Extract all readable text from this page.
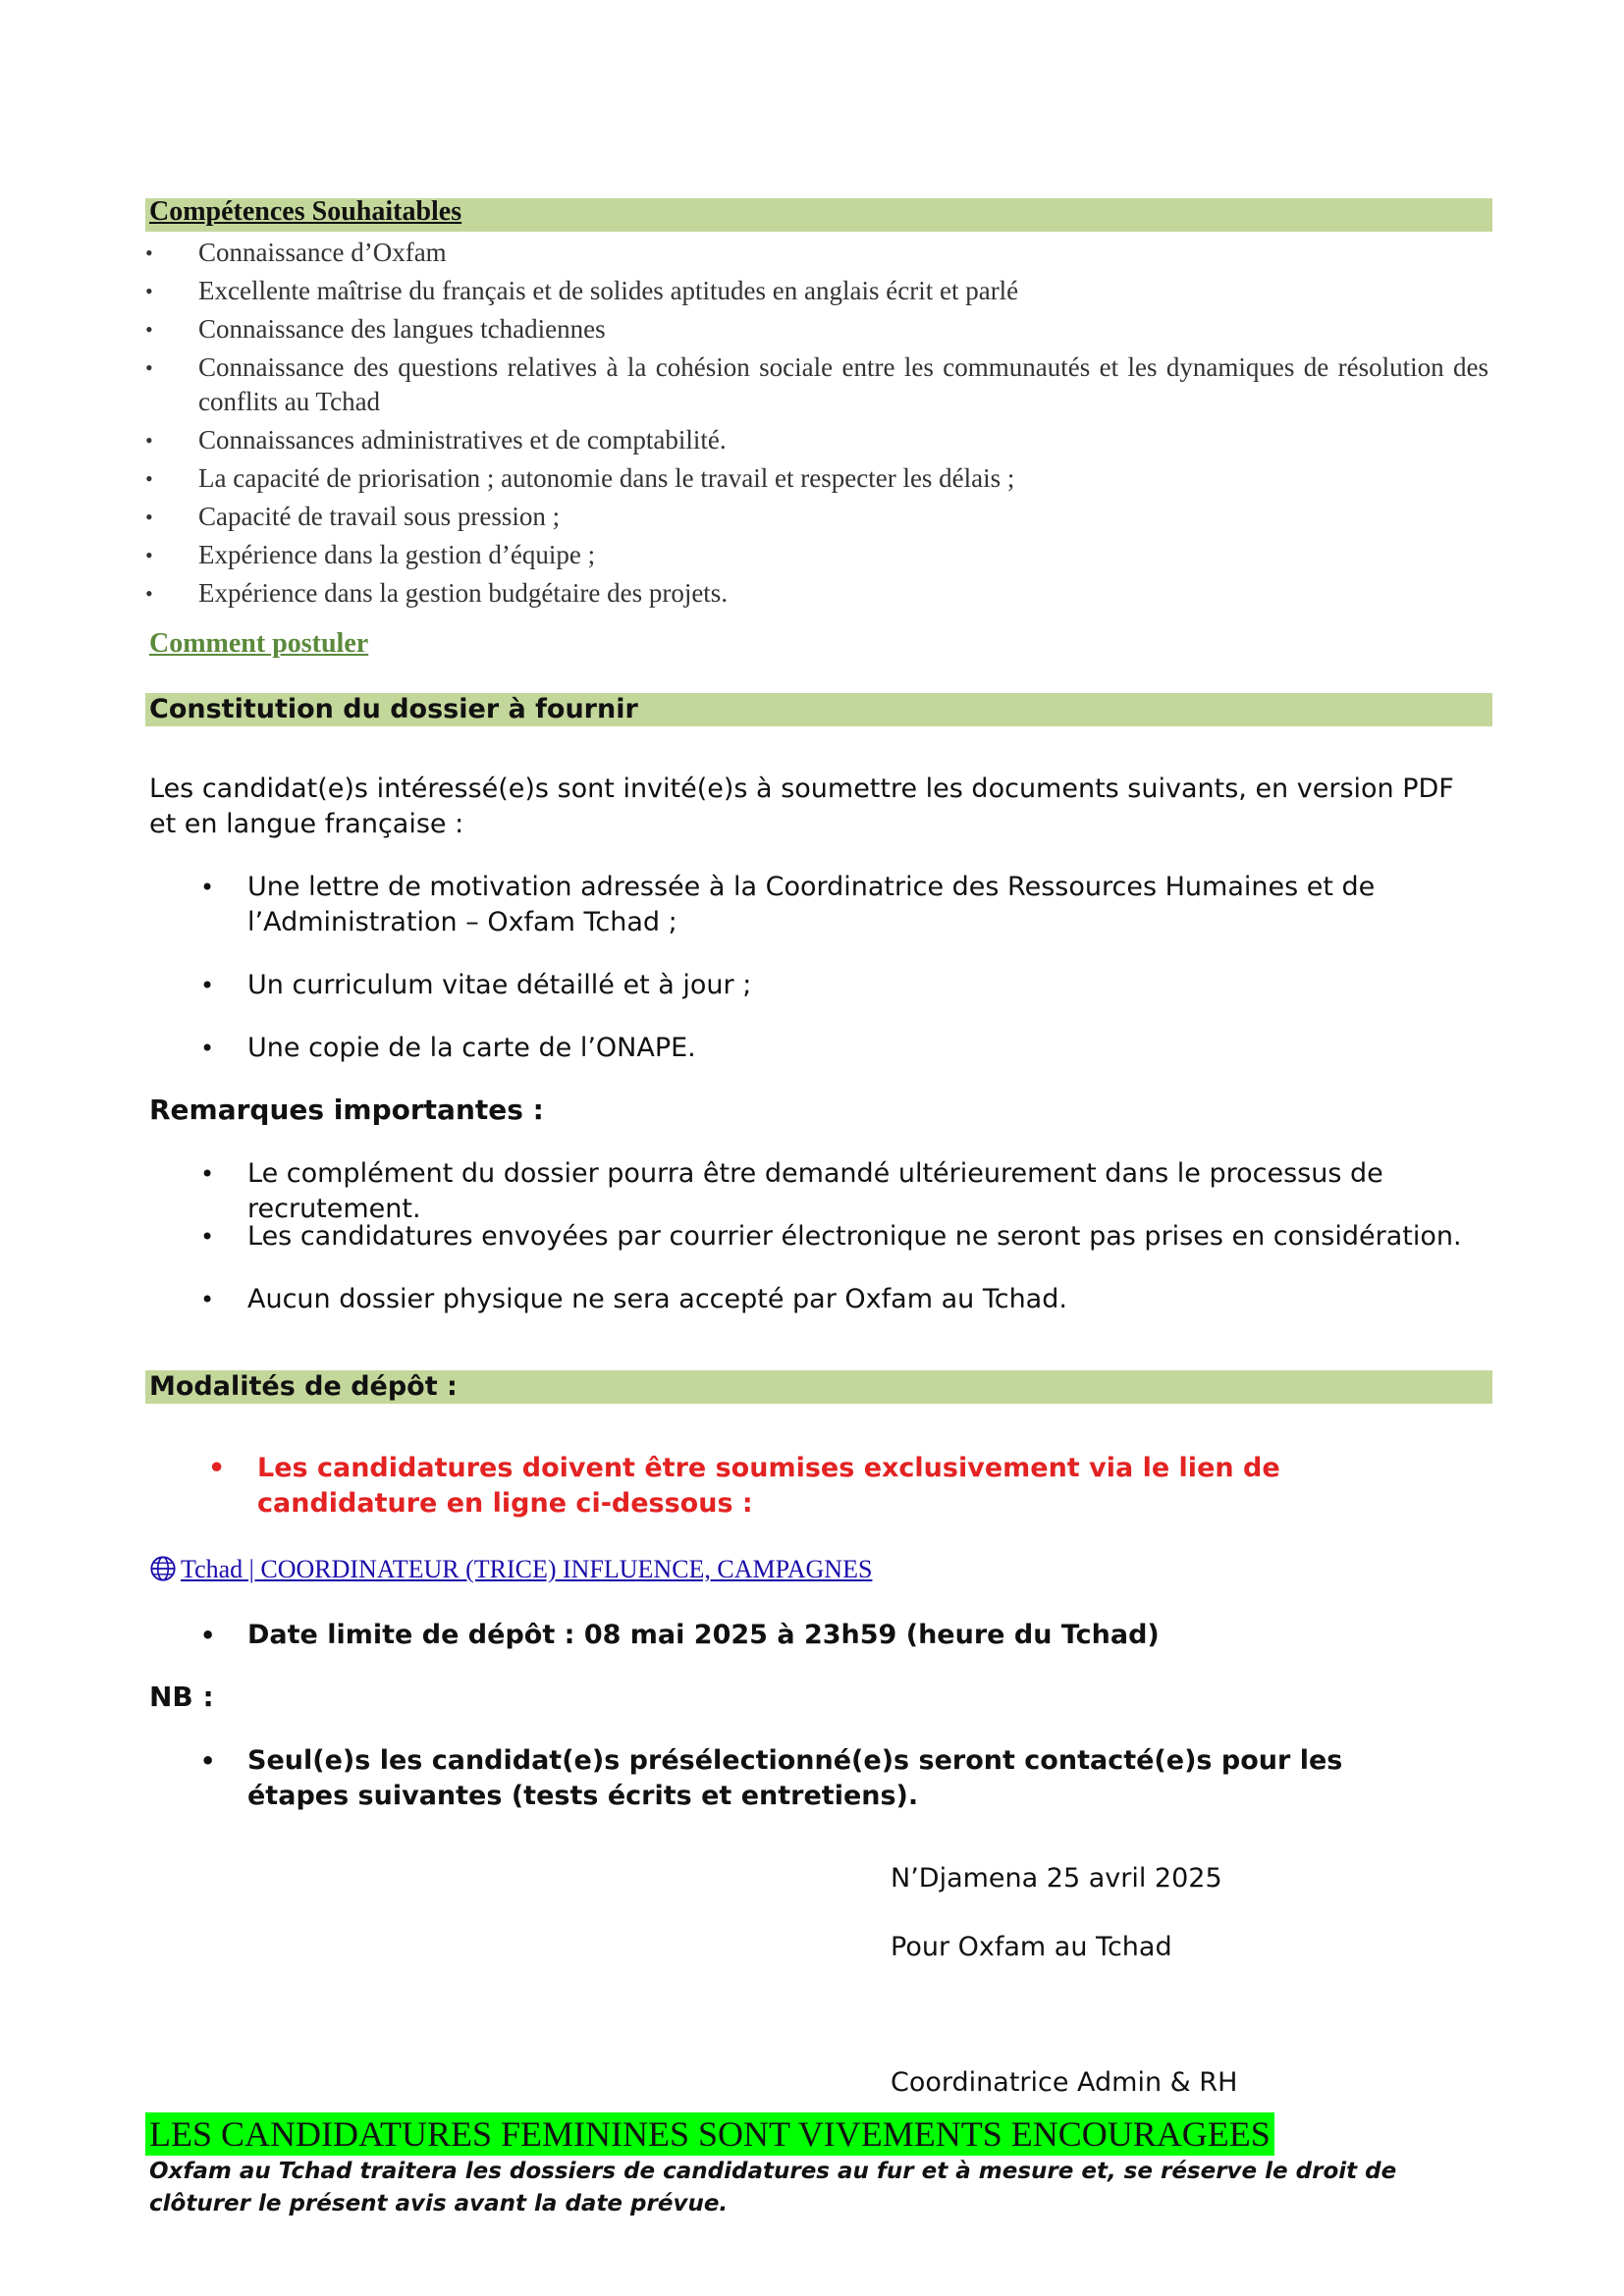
Compétences Souhaitables
•	Connaissance d’Oxfam
•	Excellente maîtrise du français et de solides aptitudes en anglais écrit et parlé
•	Connaissance des langues tchadiennes
•	Connaissance des questions relatives à la cohésion sociale entre les communautés et les dynamiques de résolution des conflits au Tchad
•	Connaissances administratives et de comptabilité.
•	La capacité de priorisation ; autonomie dans le travail et respecter les délais ;
•	Capacité de travail sous pression ;
•	Expérience dans la gestion d’équipe ;
•	Expérience dans la gestion budgétaire des projets.
Comment postuler
Constitution du dossier à fournir
Les candidat(e)s intéressé(e)s sont invité(e)s à soumettre les documents suivants, en version PDF et en langue française :
•	Une lettre de motivation adressée à la Coordinatrice des Ressources Humaines et de l’Administration – Oxfam Tchad ;
•	Un curriculum vitae détaillé et à jour ;
•	Une copie de la carte de l’ONAPE.
Remarques importantes :
•	Le complément du dossier pourra être demandé ultérieurement dans le processus de recrutement.
•	Les candidatures envoyées par courrier électronique ne seront pas prises en considération.
•	Aucun dossier physique ne sera accepté par Oxfam au Tchad.
Modalités de dépôt :
•	Les candidatures doivent être soumises exclusivement via le lien de candidature en ligne ci-dessous :
Tchad | COORDINATEUR (TRICE) INFLUENCE, CAMPAGNES
•	Date limite de dépôt : 08 mai 2025 à 23h59 (heure du Tchad)
NB :
•	Seul(e)s les candidat(e)s présélectionné(e)s seront contacté(e)s pour les étapes suivantes (tests écrits et entretiens).
N’Djamena 25 avril 2025
Pour Oxfam au Tchad
Coordinatrice Admin & RH
LES CANDIDATURES FEMININES SONT VIVEMENTS ENCOURAGEES
Oxfam au Tchad traitera les dossiers de candidatures au fur et à mesure et, se réserve le droit de clôturer le présent avis avant la date prévue.
